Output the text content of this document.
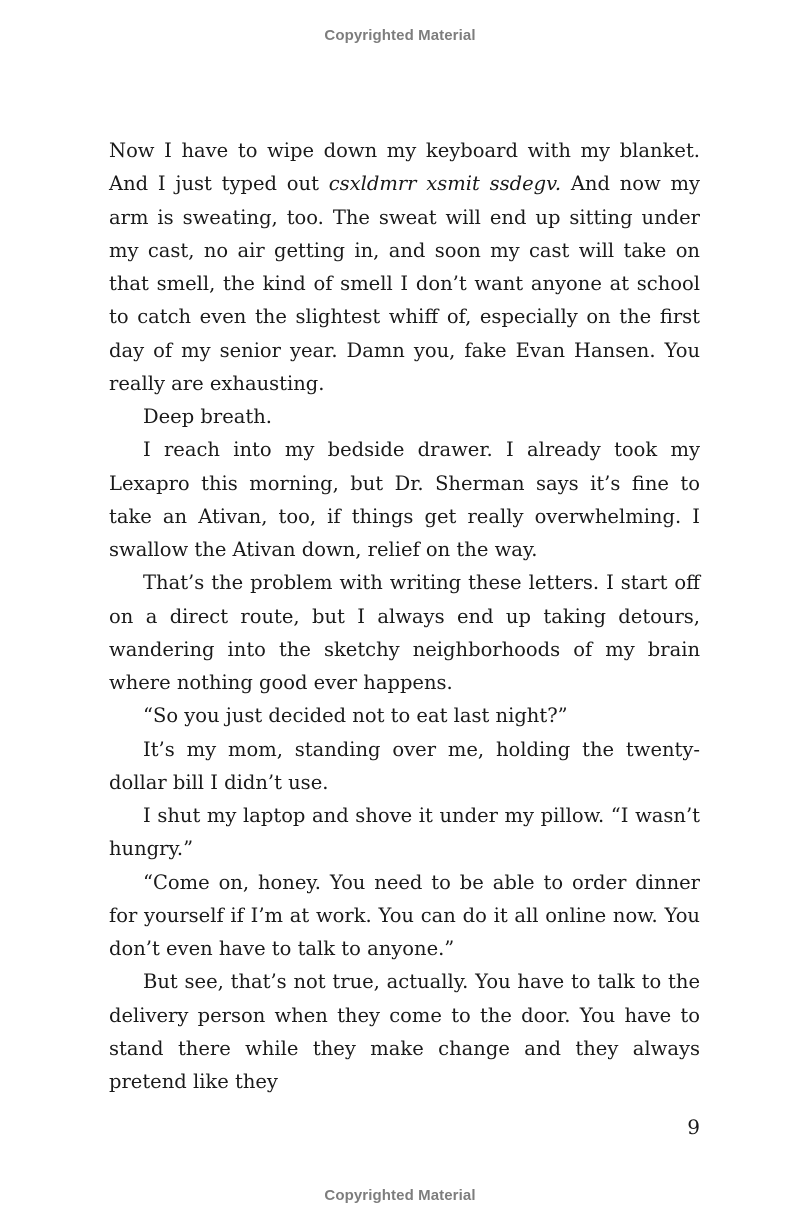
Copyrighted Material

Now I have to wipe down my keyboard with my blanket. And I just typed out csxldmrr xsmit ssdegv. And now my arm is sweating, too. The sweat will end up sitting under my cast, no air getting in, and soon my cast will take on that smell, the kind of smell I don’t want anyone at school to catch even the slightest whiff of, especially on the first day of my senior year. Damn you, fake Evan Hansen. You really are exhausting.

Deep breath.

I reach into my bedside drawer. I already took my Lexapro this morning, but Dr. Sherman says it’s fine to take an Ativan, too, if things get really overwhelming. I swallow the Ativan down, relief on the way.

That’s the problem with writing these letters. I start off on a direct route, but I always end up taking detours, wandering into the sketchy neighborhoods of my brain where nothing good ever happens.

“So you just decided not to eat last night?”

It’s my mom, standing over me, holding the twenty-dollar bill I didn’t use.

I shut my laptop and shove it under my pillow. “I wasn’t hungry.”

“Come on, honey. You need to be able to order dinner for yourself if I’m at work. You can do it all online now. You don’t even have to talk to anyone.”

But see, that’s not true, actually. You have to talk to the delivery person when they come to the door. You have to stand there while they make change and they always pretend like they

9
Copyrighted Material
